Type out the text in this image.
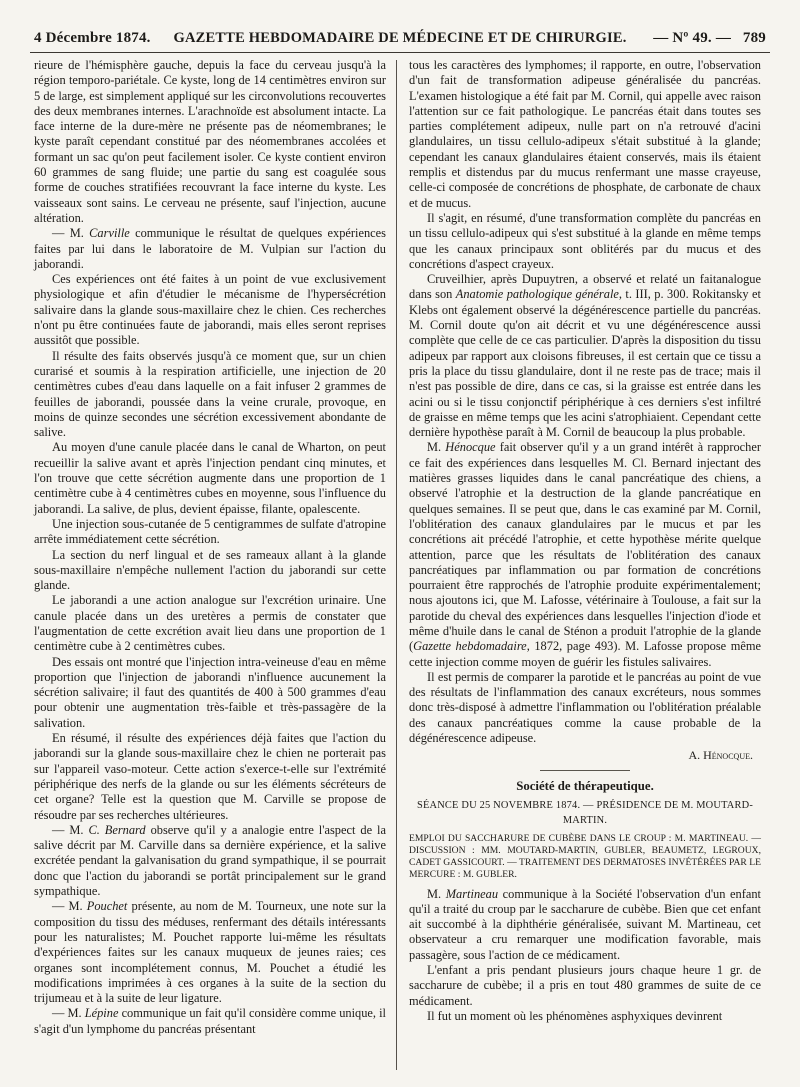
4 Décembre 1874.	GAZETTE HEBDOMADAIRE DE MÉDECINE ET DE CHIRURGIE.	— Nº 49. — 789

rieure de l'hémisphère gauche, depuis la face du cerveau jusqu'à la région temporo-pariétale. Ce kyste, long de 14 centimètres environ sur 5 de large, est simplement appliqué sur les circonvolutions recouvertes des deux membranes internes. L'arachnoïde est absolument intacte. La face interne de la dure-mère ne présente pas de néomembranes; le kyste paraît cependant constitué par des néomembranes accolées et formant un sac qu'on peut facilement isoler. Ce kyste contient environ 60 grammes de sang fluide; une partie du sang est coagulée sous forme de couches stratifiées recouvrant la face interne du kyste. Les vaisseaux sont sains. Le cerveau ne présente, sauf l'injection, aucune altération.

— M. Carville communique le résultat de quelques expériences faites par lui dans le laboratoire de M. Vulpian sur l'action du jaborandi.

Ces expériences ont été faites à un point de vue exclusivement physiologique et afin d'étudier le mécanisme de l'hypersécrétion salivaire dans la glande sous-maxillaire chez le chien. Ces recherches n'ont pu être continuées faute de jaborandi, mais elles seront reprises aussitôt que possible.

Il résulte des faits observés jusqu'à ce moment que, sur un chien curarisé et soumis à la respiration artificielle, une injection de 20 centimètres cubes d'eau dans laquelle on a fait infuser 2 grammes de feuilles de jaborandi, poussée dans la veine crurale, provoque, en moins de quinze secondes une sécrétion excessivement abondante de salive.

Au moyen d'une canule placée dans le canal de Wharton, on peut recueillir la salive avant et après l'injection pendant cinq minutes, et l'on trouve que cette sécrétion augmente dans une proportion de 1 centimètre cube à 4 centimètres cubes en moyenne, sous l'influence du jaborandi. La salive, de plus, devient épaisse, filante, opalescente.

Une injection sous-cutanée de 5 centigrammes de sulfate d'atropine arrête immédiatement cette sécrétion.

La section du nerf lingual et de ses rameaux allant à la glande sous-maxillaire n'empêche nullement l'action du jaborandi sur cette glande.

Le jaborandi a une action analogue sur l'excrétion urinaire. Une canule placée dans un des uretères a permis de constater que l'augmentation de cette excrétion avait lieu dans une proportion de 1 centimètre cube à 2 centimètres cubes.

Des essais ont montré que l'injection intra-veineuse d'eau en même proportion que l'injection de jaborandi n'influence aucunement la sécrétion salivaire; il faut des quantités de 400 à 500 grammes d'eau pour obtenir une augmentation très-faible et très-passagère de la salivation.

En résumé, il résulte des expériences déjà faites que l'action du jaborandi sur la glande sous-maxillaire chez le chien ne porterait pas sur l'appareil vaso-moteur. Cette action s'exerce-t-elle sur l'extrémité périphérique des nerfs de la glande ou sur les éléments sécréteurs de cet organe? Telle est la question que M. Carville se propose de résoudre par ses recherches ultérieures.

— M. C. Bernard observe qu'il y a analogie entre l'aspect de la salive décrit par M. Carville dans sa dernière expérience, et la salive excrétée pendant la galvanisation du grand sympathique, il se pourrait donc que l'action du jaborandi se portât principalement sur le grand sympathique.

— M. Pouchet présente, au nom de M. Tourneux, une note sur la composition du tissu des méduses, renfermant des détails intéressants pour les naturalistes; M. Pouchet rapporte lui-même les résultats d'expériences faites sur les canaux muqueux de jeunes raies; ces organes sont incomplétement connus, M. Pouchet a étudié les modifications imprimées à ces organes à la suite de la section du trijumeau et à la suite de leur ligature.

— M. Lépine communique un fait qu'il considère comme unique, il s'agit d'un lymphome du pancréas présentant

tous les caractères des lymphomes; il rapporte, en outre, l'observation d'un fait de transformation adipeuse généralisée du pancréas. L'examen histologique a été fait par M. Cornil, qui appelle avec raison l'attention sur ce fait pathologique. Le pancréas était dans toutes ses parties complétement adipeux, nulle part on n'a retrouvé d'acini glandulaires, un tissu cellulo-adipeux s'était substitué à la glande; cependant les canaux glandulaires étaient conservés, mais ils étaient remplis et distendus par du mucus renfermant une masse crayeuse, celle-ci composée de concrétions de phosphate, de carbonate de chaux et de mucus.

Il s'agit, en résumé, d'une transformation complète du pancréas en un tissu cellulo-adipeux qui s'est substitué à la glande en même temps que les canaux principaux sont oblitérés par du mucus et des concrétions d'aspect crayeux.

Cruveilhier, après Dupuytren, a observé et relaté un faitanalogue dans son Anatomie pathologique générale, t. III, p. 300. Rokitansky et Klebs ont également observé la dégénérescence partielle du pancréas. M. Cornil doute qu'on ait décrit et vu une dégénérescence aussi complète que celle de ce cas particulier. D'après la disposition du tissu adipeux par rapport aux cloisons fibreuses, il est certain que ce tissu a pris la place du tissu glandulaire, dont il ne reste pas de trace; mais il n'est pas possible de dire, dans ce cas, si la graisse est entrée dans les acini ou si le tissu conjonctif périphérique à ces derniers s'est infiltré de graisse en même temps que les acini s'atrophiaient. Cependant cette dernière hypothèse paraît à M. Cornil de beaucoup la plus probable.

M. Hénocque fait observer qu'il y a un grand intérêt à rapprocher ce fait des expériences dans lesquelles M. Cl. Bernard injectant des matières grasses liquides dans le canal pancréatique des chiens, a observé l'atrophie et la destruction de la glande pancréatique en quelques semaines. Il se peut que, dans le cas examiné par M. Cornil, l'oblitération des canaux glandulaires par le mucus et par les concrétions ait précédé l'atrophie, et cette hypothèse mérite quelque attention, parce que les résultats de l'oblitération des canaux pancréatiques par inflammation ou par formation de concrétions pourraient être rapprochés de l'atrophie produite expérimentalement; nous ajoutons ici, que M. Lafosse, vétérinaire à Toulouse, a fait sur la parotide du cheval des expériences dans lesquelles l'injection d'iode et même d'huile dans le canal de Sténon a produit l'atrophie de la glande (Gazette hebdomadaire, 1872, page 493). M. Lafosse propose même cette injection comme moyen de guérir les fistules salivaires.

Il est permis de comparer la parotide et le pancréas au point de vue des résultats de l'inflammation des canaux excréteurs, nous sommes donc très-disposé à admettre l'inflammation ou l'oblitération préalable des canaux pancréatiques comme la cause probable de la dégénérescence adipeuse.

A. Hénocque.
Société de thérapeutique.
SÉANCE DU 25 NOVEMBRE 1874. — PRÉSIDENCE DE M. MOUTARD-MARTIN.
EMPLOI DU SACCHARURE DE CUBÈBE DANS LE CROUP : M. MARTINEAU. — DISCUSSION : MM. MOUTARD-MARTIN, GUBLER, BEAUMETZ, LEGROUX, CADET GASSICOURT. — TRAITEMENT DES DERMATOSES INVÉTÉRÉES PAR LE MERCURE : M. GUBLER.

M. Martineau communique à la Société l'observation d'un enfant qu'il a traité du croup par le saccharure de cubèbe. Bien que cet enfant ait succombé à la diphthérie généralisée, suivant M. Martineau, cet observateur a cru remarquer une modification favorable, mais passagère, sous l'action de ce médicament.

L'enfant a pris pendant plusieurs jours chaque heure 1 gr. de saccharure de cubèbe; il a pris en tout 480 grammes de suite de ce médicament.

Il fut un moment où les phénomènes asphyxiques devinrent
